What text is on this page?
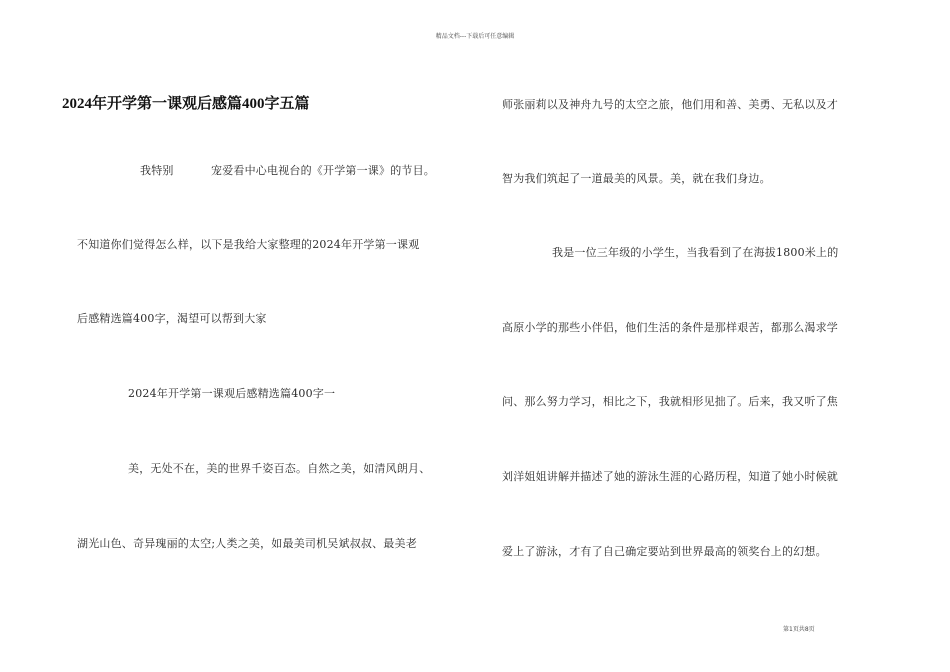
精品文档---下载后可任意编辑
2024年开学第一课观后感篇400字五篇
我特别	宠爱看中心电视台的《开学第一课》的节目。
不知道你们觉得怎么样，以下是我给大家整理的2024年开学第一课观
后感精选篇400字，渴望可以帮到大家
2024年开学第一课观后感精选篇400字一
美，无处不在，美的世界千姿百态。自然之美，如清风朗月、
湖光山色、奇异瑰丽的太空;人类之美，如最美司机吴斌叔叔、最美老
师张丽莉以及神舟九号的太空之旅，他们用和善、美勇、无私以及才
智为我们筑起了一道最美的风景。美，就在我们身边。
我是一位三年级的小学生，当我看到了在海拔1800米上的
高原小学的那些小伴侣，他们生活的条件是那样艰苦，都那么渴求学
问、那么努力学习，相比之下，我就相形见拙了。后来，我又听了焦
刘洋姐姐讲解并描述了她的游泳生涯的心路历程，知道了她小时候就
爱上了游泳，才有了自己确定要站到世界最高的领奖台上的幻想。
第1页共8页
